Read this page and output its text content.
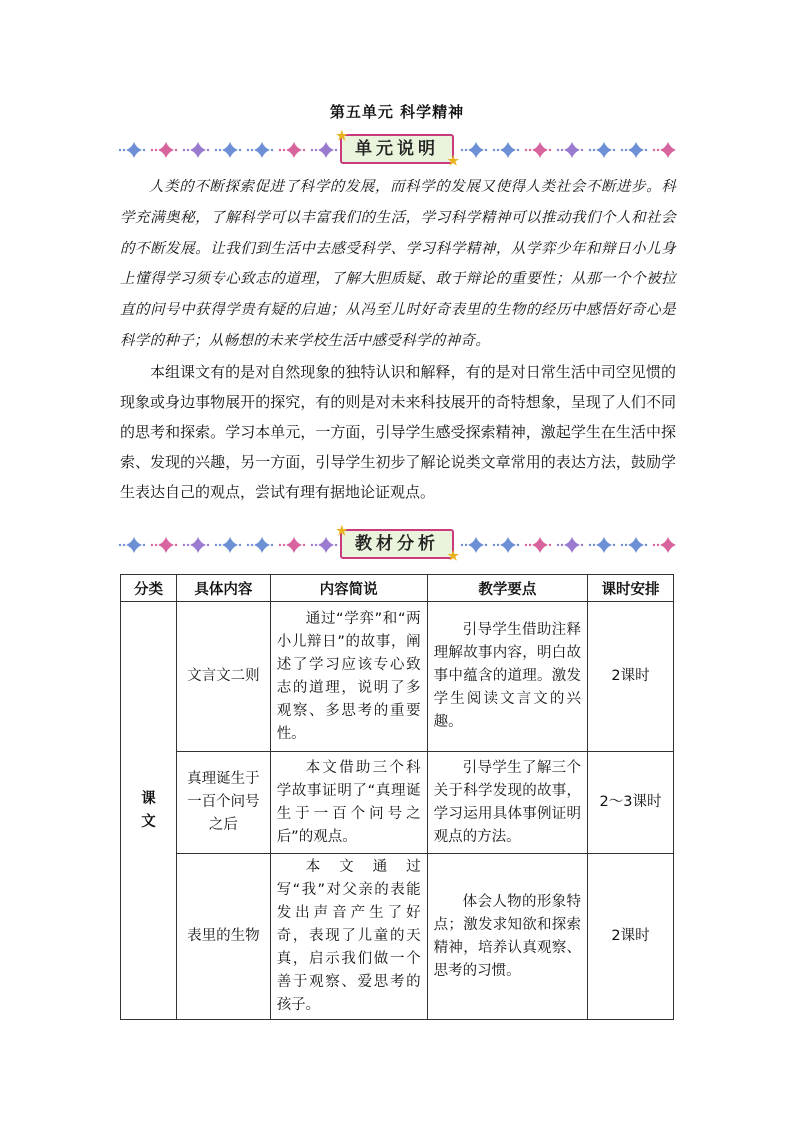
第五单元 科学精神
单元说明
★
★

人类的不断探索促进了科学的发展，而科学的发展又使得人类社会不断进步。科学充满奥秘，了解科学可以丰富我们的生活，学习科学精神可以推动我们个人和社会的不断发展。让我们到生活中去感受科学、学习科学精神，从学弈少年和辩日小儿身上懂得学习须专心致志的道理，了解大胆质疑、敢于辩论的重要性；从那一个个被拉直的问号中获得学贵有疑的启迪；从冯至儿时好奇表里的生物的经历中感悟好奇心是科学的种子；从畅想的未来学校生活中感受科学的神奇。

本组课文有的是对自然现象的独特认识和解释，有的是对日常生活中司空见惯的现象或身边事物展开的探究，有的则是对未来科技展开的奇特想象，呈现了人们不同的思考和探索。学习本单元，一方面，引导学生感受探索精神，激起学生在生活中探索、发现的兴趣，另一方面，引导学生初步了解论说类文章常用的表达方法，鼓励学生表达自己的观点，尝试有理有据地论证观点。

教材分析
★
★
分类	具体内容	内容简说	教学要点	课时安排
课文	文言文二则	通过“学弈”和“两小儿辩日”的故事，阐述了学习应该专心致志的道理，说明了多观察、多思考的重要性。	引导学生借助注释理解故事内容，明白故事中蕴含的道理。激发学生阅读文言文的兴趣。	2课时
	真理诞生于一百个问号之后	本文借助三个科学故事证明了“真理诞生于一百个问号之后”的观点。	引导学生了解三个关于科学发现的故事，学习运用具体事例证明观点的方法。	2～3课时
	表里的生物	本文通过写“我”对父亲的表能发出声音产生了好奇，表现了儿童的天真，启示我们做一个善于观察、爱思考的孩子。	体会人物的形象特点；激发求知欲和探索精神，培养认真观察、思考的习惯。	2课时
